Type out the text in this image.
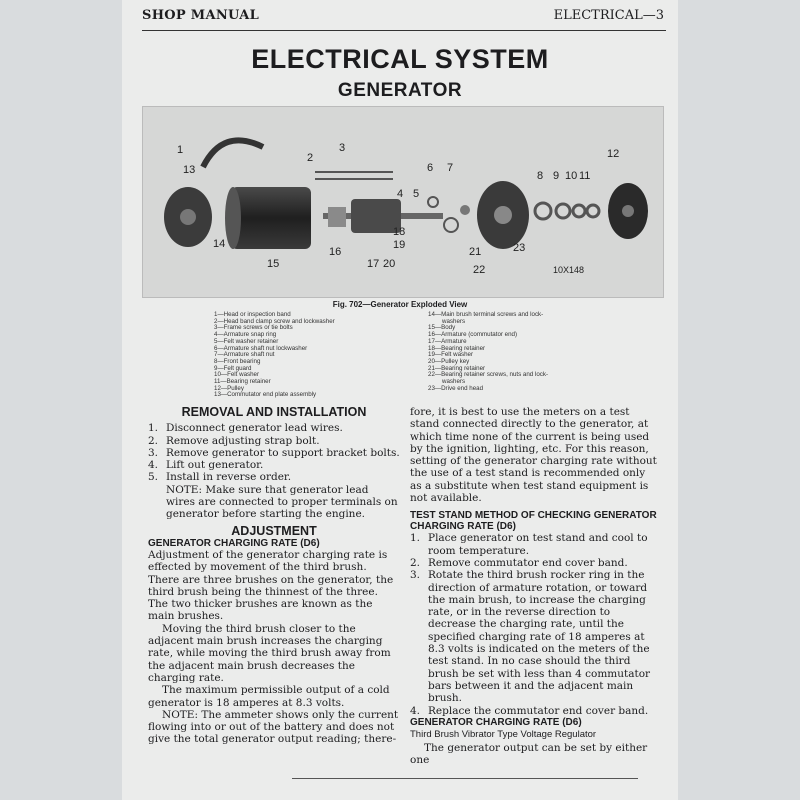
SHOP MANUAL	ELECTRICAL—3
ELECTRICAL SYSTEM
GENERATOR
1
2
3
4 5
6 7
8 9 10 11
12
13
14
15
16
17
18
19
20
21
22
23
10X148
Fig. 702—Generator Exploded View
1—Head or inspection band
2—Head band clamp screw and lockwasher
3—Frame screws or tie bolts
4—Armature snap ring
5—Felt washer retainer
6—Armature shaft nut lockwasher
7—Armature shaft nut
8—Front bearing
9—Felt guard
10—Felt washer
11—Bearing retainer
12—Pulley
13—Commutator end plate assembly
14—Main brush terminal screws and lock-
washers
15—Body
16—Armature (commutator end)
17—Armature
18—Bearing retainer
19—Felt washer
20—Pulley key
21—Bearing retainer
22—Bearing retainer screws, nuts and lock-
washers
23—Drive end head
REMOVAL AND INSTALLATION
1. Disconnect generator lead wires.
2. Remove adjusting strap bolt.
3. Remove generator to support bracket bolts.
4. Lift out generator.
5. Install in reverse order.

NOTE: Make sure that generator lead wires are connected to proper terminals on generator before starting the engine.

ADJUSTMENT
GENERATOR CHARGING RATE (D6)

Adjustment of the generator charging rate is effected by movement of the third brush. There are three brushes on the generator, the third brush being the thinnest of the three. The two thicker brushes are known as the main brushes.

Moving the third brush closer to the adjacent main brush increases the charging rate, while moving the third brush away from the adjacent main brush decreases the charging rate.

The maximum permissible output of a cold generator is 18 amperes at 8.3 volts.

NOTE: The ammeter shows only the current flowing into or out of the battery and does not give the total generator output reading; there-

fore, it is best to use the meters on a test stand connected directly to the generator, at which time none of the current is being used by the ignition, lighting, etc. For this reason, setting of the generator charging rate without the use of a test stand is recommended only as a substitute when test stand equipment is not available.

TEST STAND METHOD OF CHECKING GENERATOR CHARGING RATE (D6)
1. Place generator on test stand and cool to room temperature.
2. Remove commutator end cover band.
3. Rotate the third brush rocker ring in the direction of armature rotation, or toward the main brush, to increase the charging rate, or in the reverse direction to decrease the charging rate, until the specified charging rate of 18 amperes at 8.3 volts is indicated on the meters of the test stand. In no case should the third brush be set with less than 4 commutator bars between it and the adjacent main brush.
4. Replace the commutator end cover band.
GENERATOR CHARGING RATE (D6)
Third Brush Vibrator Type Voltage Regulator

The generator output can be set by either one
